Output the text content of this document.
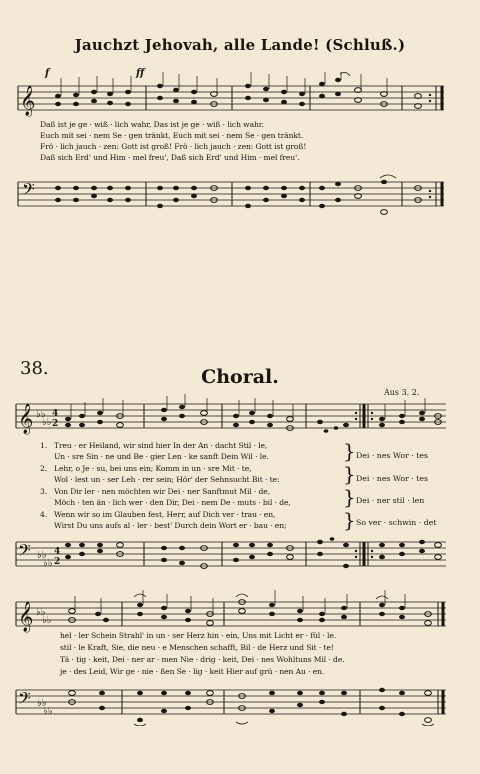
Jauchzt Jehovah, alle Lande! (Schluß.)
𝄞
f	ff
Daß ist je ge · wiß · lich wahr, Das ist je ge · wiß · lich wahr.
Euch mit sei · nem Se · gen tränkt, Euch mit sei · nem Se · gen tränkt.
Frö · lich jauch · zen: Gott ist groß! Frö · lich jauch · zen: Gott ist groß!
Daß sich Erd' und Him · mel freu', Daß sich Erd' und Him · mel freu'.
𝄢
38.	Choral.
Aus 3. 2.
𝄞 ♭♭
♭♭
4
2
1. Treu · er Heiland, wir sind hier In der An · dacht Stil · le,
Un · sre Sin · ne und Be · gier Len · ke sanft Dein Wil · le.
2. Lehr, o Je · su, bei uns ein; Komm in un · sre Mit · te,
Wol · lest un · ser Leh · rer sein; Hör' der Sehnsucht Bit · te:
3. Von Dir ler · nen möchten wir Dei · ner Sanftmut Mil · de,
Möch · ten än · lich wer · den Dir, Dei · nem De · muts · bil · de,
4. Wenn wir so im Glauben fest, Herr, auf Dich ver · trau · en,
Wirst Du uns aufs al · ler · best' Durch dein Wort er · bau · en;
}
}
}
}
Dei · nes Wor · tes
Dei · nes Wor · tes
Dei · ner stil · len
So ver · schwin · det
𝄢 ♭♭
♭♭
4
2
𝄞 ♭♭
♭♭
hel · ler Schein Strahl' in un · ser Herz hin · ein, Uns mit Licht er · fül · le.
stil · le Kraft, Sie, die neu · e Menschen schafft, Bil · de Herz und Sit · te!
Tä · tig · keit, Dei · ner ar · men Nie · drig · keit, Dei · nes Wohltuns Mil · de.
je · des Leid, Wir ge · nie · ßen Se · lig · keit Hier auf grü · nen Au · en.
𝄢 ♭♭
♭♭
